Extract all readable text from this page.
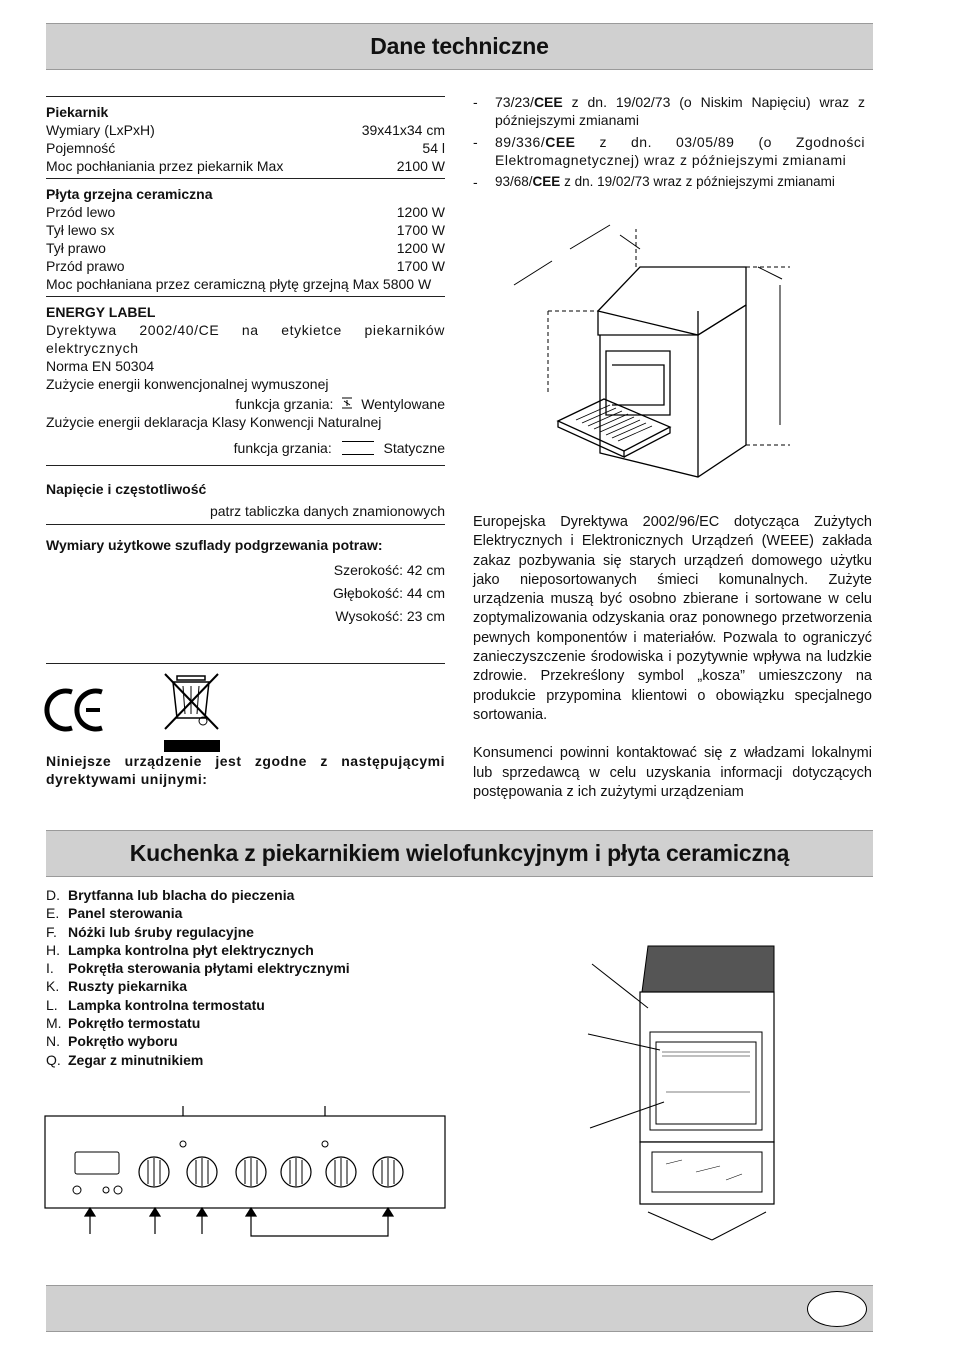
Dane techniczne
Piekarnik
Wymiary (LxPxH)	39x41x34 cm
Pojemność	54 l
Moc pochłaniania przez piekarnik Max	2100 W
Płyta grzejna ceramiczna
Przód lewo	1200 W
Tył lewo sx	1700 W
Tył prawo	1200 W
Przód prawo	1700 W
Moc pochłaniana przez ceramiczną płytę grzejną Max 5800 W
ENERGY LABEL
Dyrektywa 2002/40/CE na etykietce piekarników elektrycznych
Norma EN 50304
Zużycie energii konwencjonalnej wymuszonej
funkcja grzania: Wentylowane
Zużycie energii deklaracja Klasy Konwencji Naturalnej
funkcja grzania:	Statyczne
Napięcie i częstotliwość
patrz tabliczka danych znamionowych
Wymiary użytkowe szuflady podgrzewania potraw:
Szerokość: 42 cm
Głębokość: 44 cm
Wysokość: 23 cm
Niniejsze urządzenie jest zgodne z następującymi dyrektywami unijnymi:
-	73/23/CEE z dn. 19/02/73 (o Niskim Napięciu) wraz z późniejszymi zmianami
-	89/336/CEE z dn. 03/05/89 (o Zgodności Elektromagnetycznej) wraz z późniejszymi zmianami
-	93/68/CEE z dn. 19/02/73 wraz z późniejszymi zmianami
Europejska Dyrektywa 2002/96/EC dotycząca Zużytych Elektrycznych i Elektronicznych Urządzeń (WEEE) zakłada zakaz pozbywania się starych urządzeń domowego użytku jako nieposortowanych śmieci komunalnych. Zużyte urządzenia muszą być osobno zbierane i sortowane w celu zoptymalizowania odzyskania oraz ponownego przetworzenia pewnych komponentów i materiałów. Pozwala to ograniczyć zanieczyszczenie środowiska i pozytywnie wpływa na ludzkie zdrowie. Przekreślony symbol „kosza” umieszczony na produkcie przypomina klientowi o obowiązku specjalnego sortowania.
Konsumenci powinni kontaktować się z władzami lokalnymi lub sprzedawcą w celu uzyskania informacji dotyczących postępowania z ich zużytymi urządzeniam
Kuchenka z piekarnikiem wielofunkcyjnym i płyta ceramiczną
D. Brytfanna lub blacha do pieczenia
E. Panel sterowania
F. Nóżki lub śruby regulacyjne
H. Lampka kontrolna płyt elektrycznych
I. Pokrętła sterowania płytami elektrycznymi
K. Ruszty piekarnika
L. Lampka kontrolna termostatu
M. Pokrętło termostatu
N. Pokrętło wyboru
Q. Zegar z minutnikiem
